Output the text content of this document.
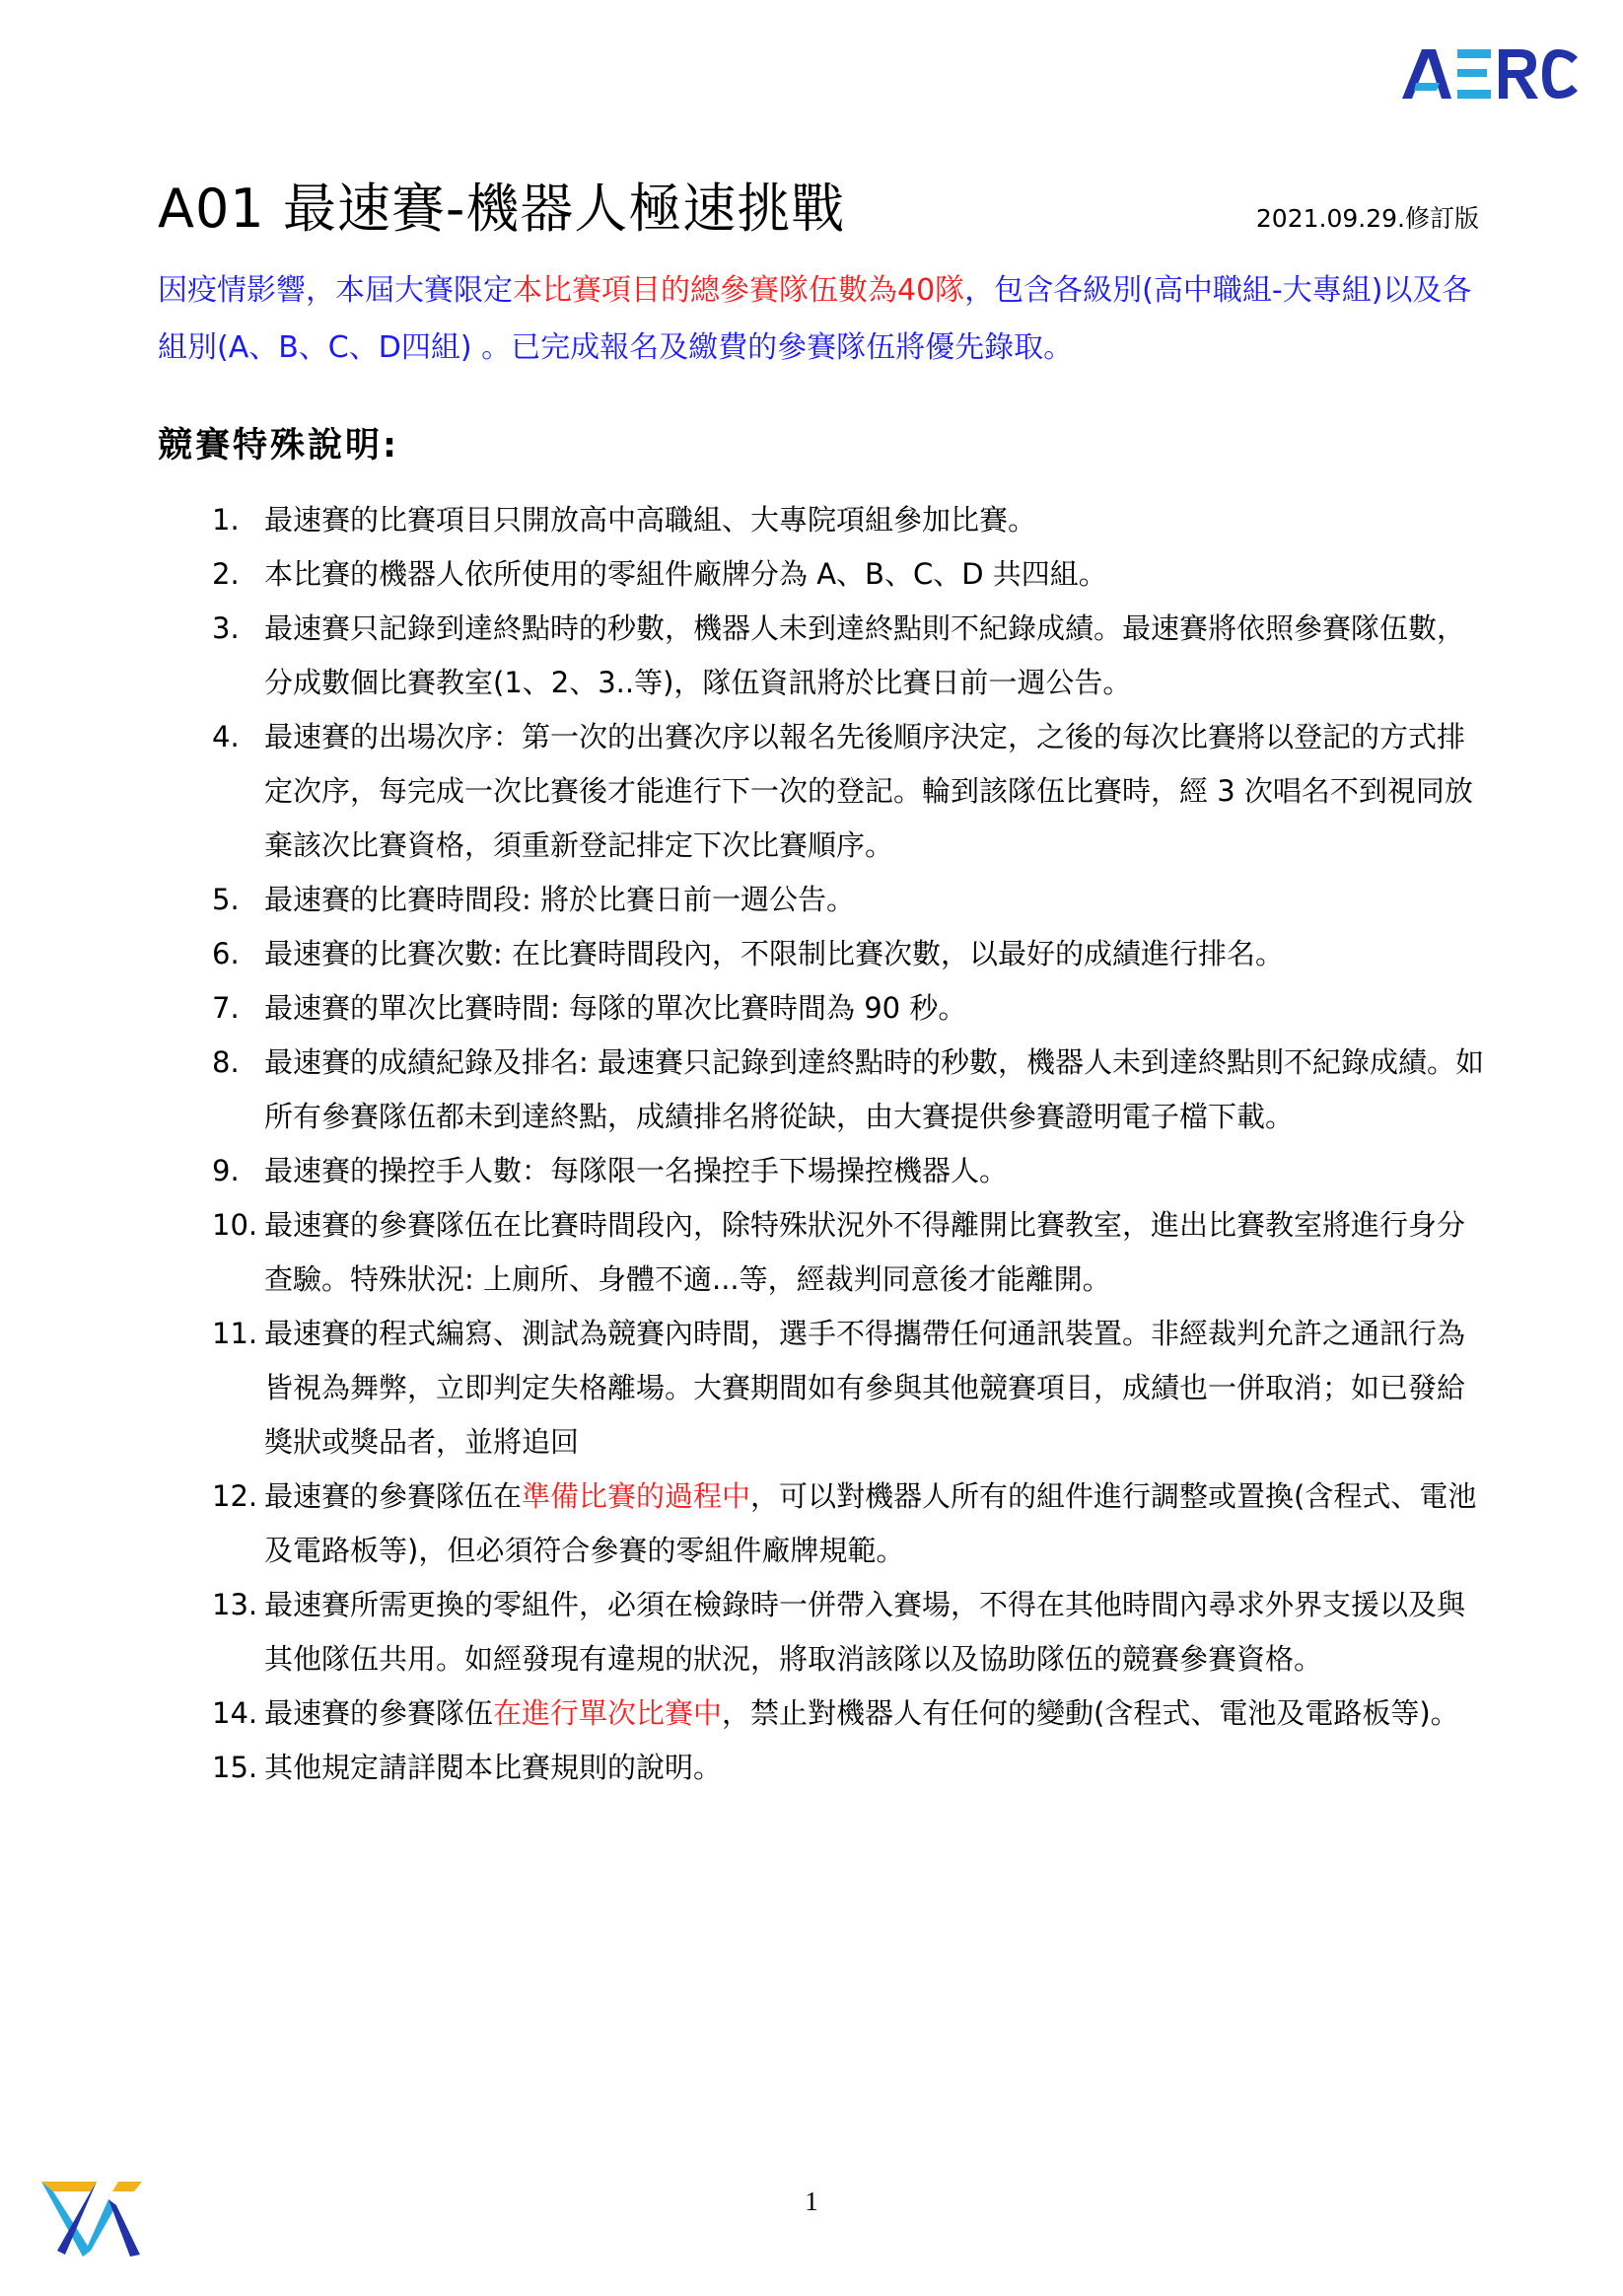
A01 最速賽-機器人極速挑戰	2021.09.29.修訂版
因疫情影響，本屆大賽限定本比賽項目的總參賽隊伍數為40隊，包含各級別(高中職組-大專組)以及各組別(A、B、C、D四組) 。已完成報名及繳費的參賽隊伍將優先錄取。
競賽特殊說明:
1. 最速賽的比賽項目只開放高中高職組、大專院項組參加比賽。
2. 本比賽的機器人依所使用的零組件廠牌分為 A、B、C、D 共四組。
3. 最速賽只記錄到達終點時的秒數，機器人未到達終點則不紀錄成績。最速賽將依照參賽隊伍數，分成數個比賽教室(1、2、3..等)，隊伍資訊將於比賽日前一週公告。
4. 最速賽的出場次序：第一次的出賽次序以報名先後順序決定，之後的每次比賽將以登記的方式排定次序，每完成一次比賽後才能進行下一次的登記。輪到該隊伍比賽時，經 3 次唱名不到視同放棄該次比賽資格，須重新登記排定下次比賽順序。
5. 最速賽的比賽時間段: 將於比賽日前一週公告。
6. 最速賽的比賽次數: 在比賽時間段內，不限制比賽次數，以最好的成績進行排名。
7. 最速賽的單次比賽時間: 每隊的單次比賽時間為 90 秒。
8. 最速賽的成績紀錄及排名: 最速賽只記錄到達終點時的秒數，機器人未到達終點則不紀錄成績。如所有參賽隊伍都未到達終點，成績排名將從缺，由大賽提供參賽證明電子檔下載。
9. 最速賽的操控手人數：每隊限一名操控手下場操控機器人。
10. 最速賽的參賽隊伍在比賽時間段內，除特殊狀況外不得離開比賽教室，進出比賽教室將進行身分查驗。特殊狀況: 上廁所、身體不適...等，經裁判同意後才能離開。
11. 最速賽的程式編寫、測試為競賽內時間，選手不得攜帶任何通訊裝置。非經裁判允許之通訊行為皆視為舞弊，立即判定失格離場。大賽期間如有參與其他競賽項目，成績也一併取消；如已發給獎狀或獎品者，並將追回
12. 最速賽的參賽隊伍在準備比賽的過程中，可以對機器人所有的組件進行調整或置換(含程式、電池及電路板等)，但必須符合參賽的零組件廠牌規範。
13. 最速賽所需更換的零組件，必須在檢錄時一併帶入賽場，不得在其他時間內尋求外界支援以及與其他隊伍共用。如經發現有違規的狀況，將取消該隊以及協助隊伍的競賽參賽資格。
14. 最速賽的參賽隊伍在進行單次比賽中，禁止對機器人有任何的變動(含程式、電池及電路板等)。
15. 其他規定請詳閱本比賽規則的說明。
1
